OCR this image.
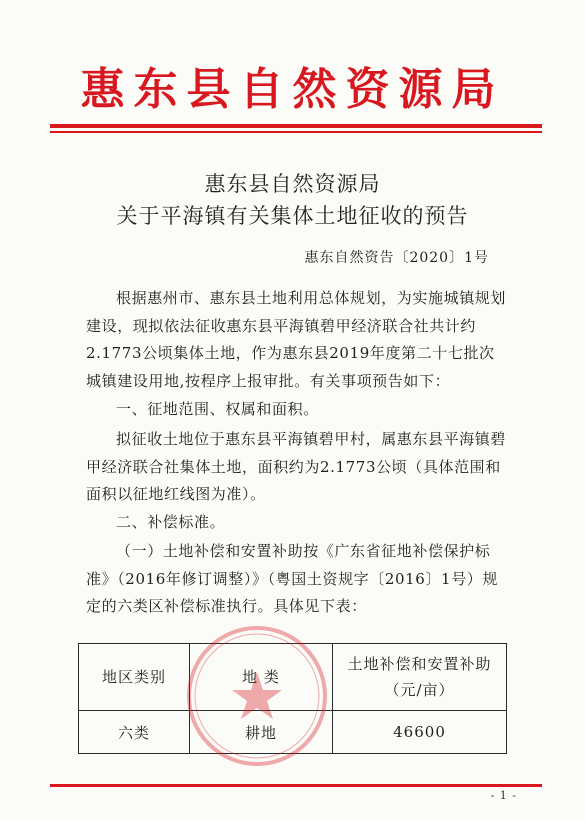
惠东县自然资源局
惠东县自然资源局
关于平海镇有关集体土地征收的预告
惠东自然资告〔2020〕1号

根据惠州市、惠东县土地利用总体规划，为实施城镇规划建设，现拟依法征收惠东县平海镇碧甲经济联合社共计约2.1773公顷集体土地，作为惠东县2019年度第二十七批次城镇建设用地,按程序上报审批。有关事项预告如下：

一、征地范围、权属和面积。

拟征收土地位于惠东县平海镇碧甲村，属惠东县平海镇碧甲经济联合社集体土地，面积约为2.1773公顷（具体范围和面积以征地红线图为准）。

二、补偿标准。

（一）土地补偿和安置补助按《广东省征地补偿保护标准》（2016年修订调整）》（粤国土资规字〔2016〕1号）规定的六类区补偿标准执行。具体见下表：

地区类别	地 类	土地补偿和安置补助
（元/亩）

六类	耕地	46600
- 1 -
